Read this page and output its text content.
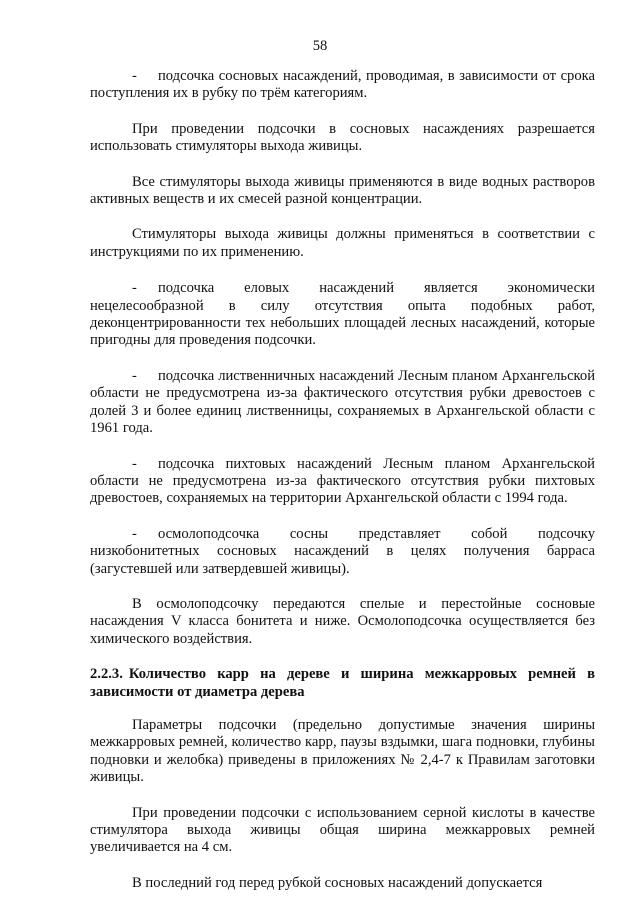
58

- подсочка сосновых насаждений, проводимая, в зависимости от срока поступления их в рубку по трём категориям.

При проведении подсочки в сосновых насаждениях разрешается использовать стимуляторы выхода живицы.

Все стимуляторы выхода живицы применяются в виде водных растворов активных веществ и их смесей разной концентрации.

Стимуляторы выхода живицы должны применяться в соответствии с инструкциями по их применению.

- подсочка еловых насаждений является экономически нецелесообразной в силу отсутствия опыта подобных работ, деконцентрированности тех небольших площадей лесных насаждений, которые пригодны для проведения подсочки.

- подсочка лиственничных насаждений Лесным планом Архангельской области не предусмотрена из-за фактического отсутствия рубки древостоев с долей 3 и более единиц лиственницы, сохраняемых в Архангельской области с 1961 года.

- подсочка пихтовых насаждений Лесным планом Архангельской области не предусмотрена из-за фактического отсутствия рубки пихтовых древостоев, сохраняемых на территории Архангельской области с 1994 года.

- осмолоподсочка сосны представляет собой подсочку низкобонитетных сосновых насаждений в целях получения барраса (загустевшей или затвердевшей живицы).

В осмолоподсочку передаются спелые и перестойные сосновые насаждения V класса бонитета и ниже. Осмолоподсочка осуществляется без химического воздействия.

2.2.3. Количество карр на дереве и ширина межкарровых ремней в зависимости от диаметра дерева

Параметры подсочки (предельно допустимые значения ширины межкарровых ремней, количество карр, паузы вздымки, шага подновки, глубины подновки и желобка) приведены в приложениях № 2,4-7 к Правилам заготовки живицы.

При проведении подсочки с использованием серной кислоты в качестве стимулятора выхода живицы общая ширина межкарровых ремней увеличивается на 4 см.

В последний год перед рубкой сосновых насаждений допускается
